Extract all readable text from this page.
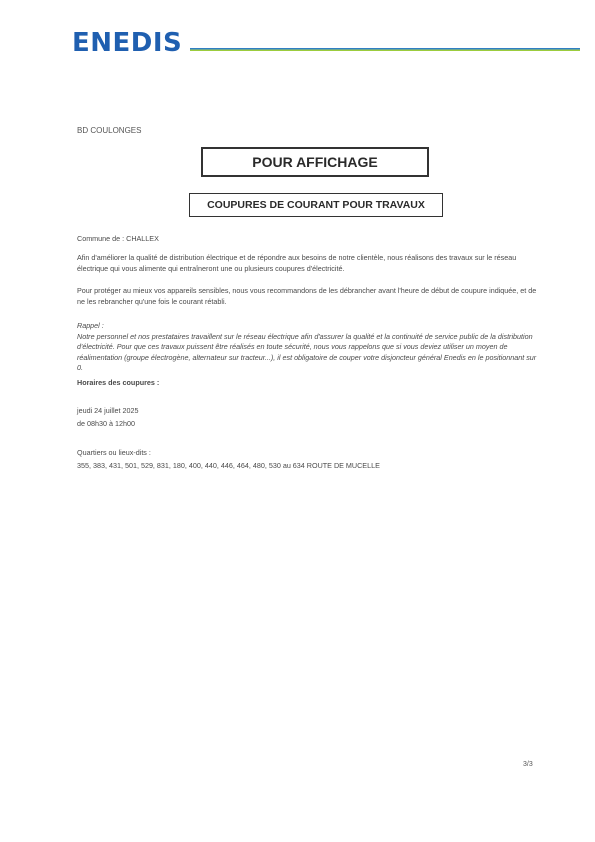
ENEDIS
BD COULONGES
POUR AFFICHAGE
COUPURES DE COURANT POUR TRAVAUX
Commune de : CHALLEX
Afin d'améliorer la qualité de distribution électrique et de répondre aux besoins de notre clientèle, nous réalisons des travaux sur le réseau électrique qui vous alimente qui entraîneront une ou plusieurs coupures d'électricité.
Pour protéger au mieux vos appareils sensibles, nous vous recommandons de les débrancher avant l'heure de début de coupure indiquée, et de ne les rebrancher qu'une fois le courant rétabli.
Rappel :
Notre personnel et nos prestataires travaillent sur le réseau électrique afin d'assurer la qualité et la continuité de service public de la distribution d'électricité. Pour que ces travaux puissent être réalisés en toute sécurité, nous vous rappelons que si vous deviez utiliser un moyen de réalimentation (groupe électrogène, alternateur sur tracteur...), il est obligatoire de couper votre disjoncteur général Enedis en le positionnant sur 0.
Horaires des coupures :
jeudi 24 juillet 2025
de 08h30 à 12h00
Quartiers ou lieux-dits :
355, 383, 431, 501, 529, 831, 180, 400, 440, 446, 464, 480, 530 au 634 ROUTE DE MUCELLE
3/3
